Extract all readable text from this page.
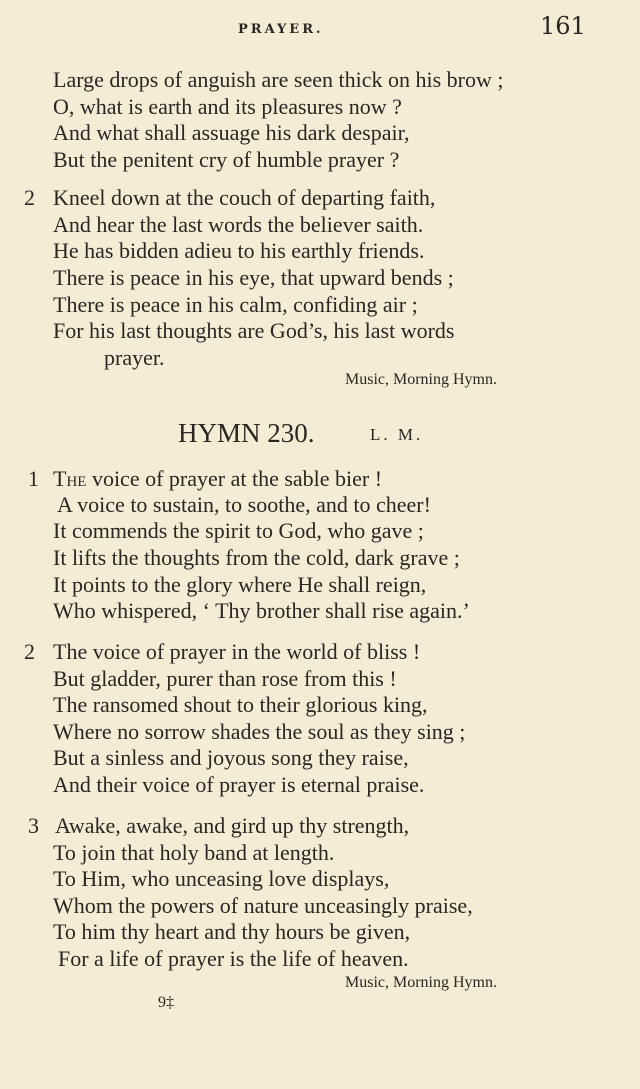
PRAYER.	161
Large drops of anguish are seen thick on his brow ;
O, what is earth and its pleasures now ?
And what shall assuage his dark despair,
But the penitent cry of humble prayer ?
2 Kneel down at the couch of departing faith,
And hear the last words the believer saith.
He has bidden adieu to his earthly friends.
There is peace in his eye, that upward bends ;
There is peace in his calm, confiding air ;
For his last thoughts are God’s, his last words
prayer.
Music, Morning Hymn.
HYMN 230.	L. M.
1 The voice of prayer at the sable bier !
A voice to sustain, to soothe, and to cheer!
It commends the spirit to God, who gave ;
It lifts the thoughts from the cold, dark grave ;
It points to the glory where He shall reign,
Who whispered, ‘ Thy brother shall rise again.’
2 The voice of prayer in the world of bliss !
But gladder, purer than rose from this !
The ransomed shout to their glorious king,
Where no sorrow shades the soul as they sing ;
But a sinless and joyous song they raise,
And their voice of prayer is eternal praise.
3 Awake, awake, and gird up thy strength,
To join that holy band at length.
To Him, who unceasing love displays,
Whom the powers of nature unceasingly praise,
To him thy heart and thy hours be given,
For a life of prayer is the life of heaven.
Music, Morning Hymn.
9‡
